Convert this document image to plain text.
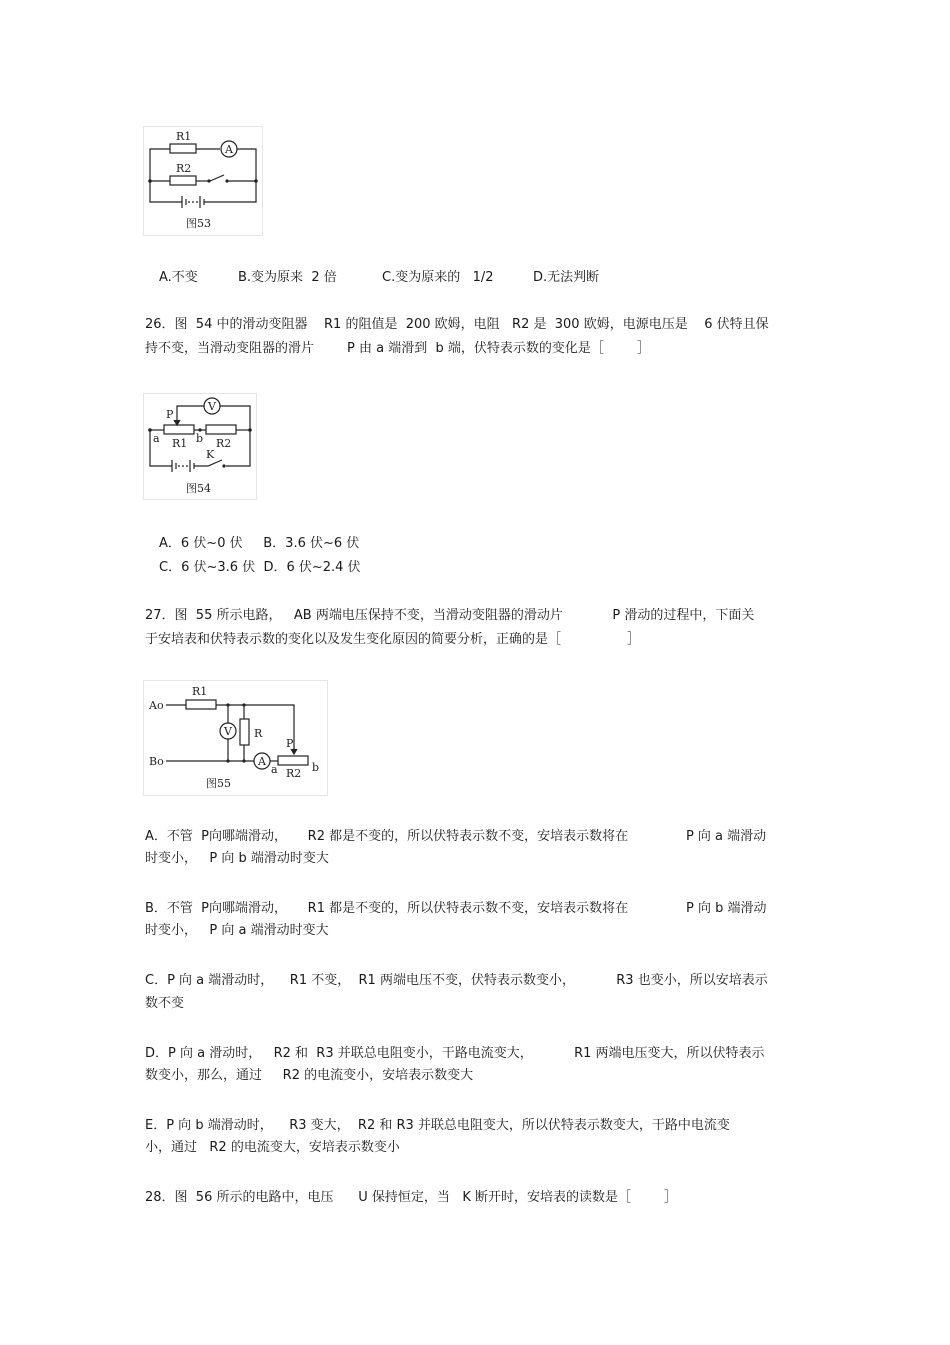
R1
R2
A
图53
A.不变	B.变为原来  2 倍	C.变为原来的   1/2	D.无法判断
26．图  54 中的滑动变阻器    R1 的阻值是  200 欧姆，电阻   R2 是  300 欧姆，电源电压是    6 伏特且保
持不变，当滑动变阻器的滑片        P 由 a 端滑到  b 端，伏特表示数的变化是［        ］
P
V
a R1 b R2
K
图54
A．6 伏~0 伏     B．3.6 伏~6 伏
C．6 伏~3.6 伏  D．6 伏~2.4 伏
27．图  55 所示电路，   AB 两端电压保持不变，当滑动变阻器的滑动片            P 滑动的过程中，下面关
于安培表和伏特表示数的变化以及发生变化原因的简要分析，正确的是［                ］
Ao
Bo
R1
V R
A
P
a R2 b
图55
A．不管  P向哪端滑动，     R2 都是不变的，所以伏特表示数不变，安培表示数将在              P 向 a 端滑动
时变小，   P 向 b 端滑动时变大
B．不管  P向哪端滑动，     R1 都是不变的，所以伏特表示数不变，安培表示数将在              P 向 b 端滑动
时变小，   P 向 a 端滑动时变大
C．P 向 a 端滑动时，    R1 不变，  R1 两端电压不变，伏特表示数变小，          R3 也变小，所以安培表示
数不变
D．P 向 a 滑动时，   R2 和  R3 并联总电阻变小，干路电流变大，          R1 两端电压变大，所以伏特表示
数变小，那么，通过     R2 的电流变小，安培表示数变大
E．P 向 b 端滑动时，    R3 变大，  R2 和 R3 并联总电阻变大，所以伏特表示数变大，干路中电流变
小，通过   R2 的电流变大，安培表示数变小
28．图  56 所示的电路中，电压      U 保持恒定，当   K 断开时，安培表的读数是［        ］
